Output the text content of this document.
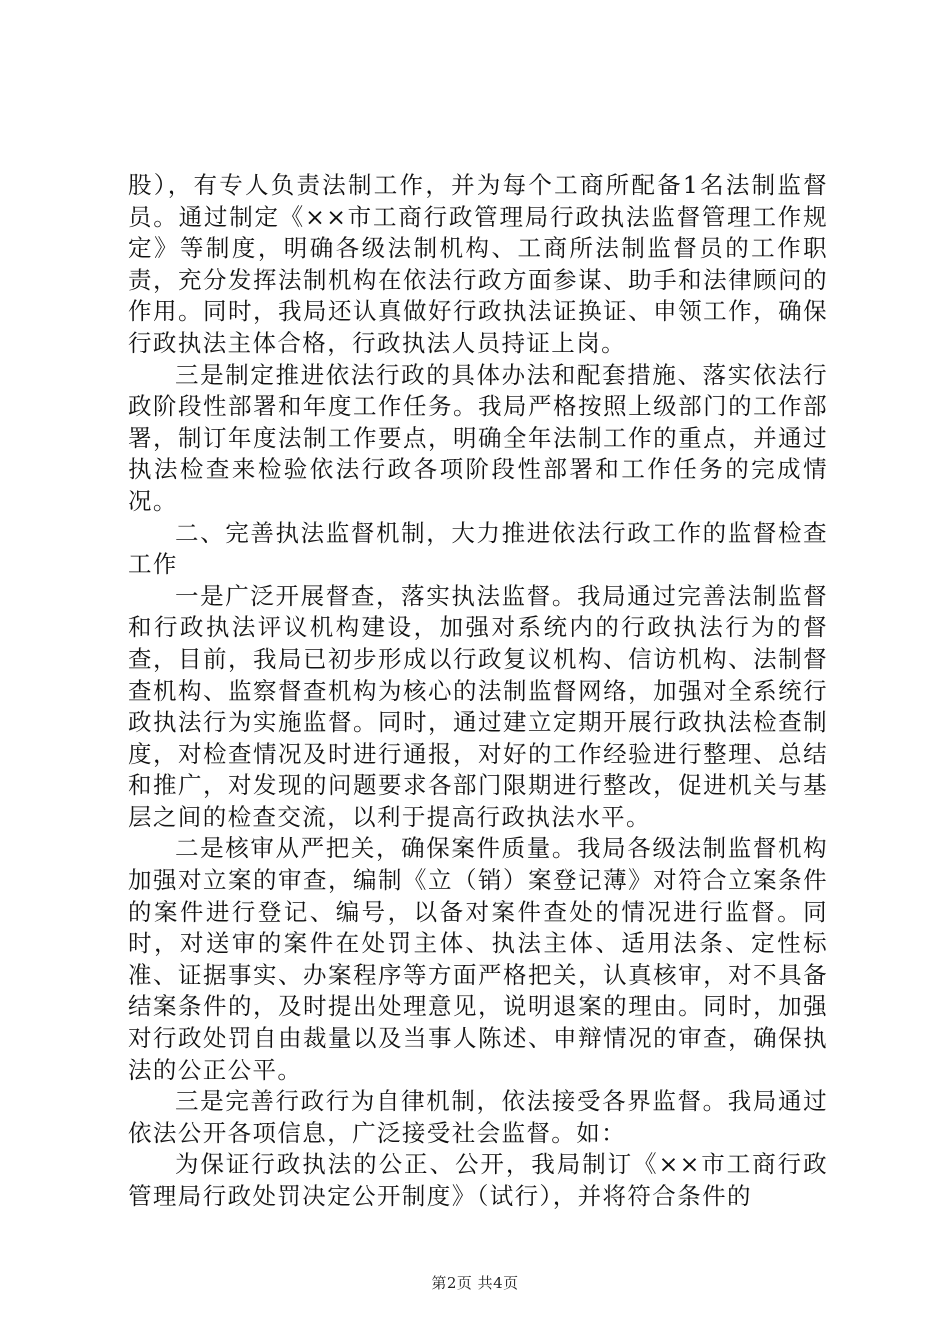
股），有专人负责法制工作，并为每个工商所配备1名法制监督员。通过制定《××市工商行政管理局行政执法监督管理工作规定》等制度，明确各级法制机构、工商所法制监督员的工作职责，充分发挥法制机构在依法行政方面参谋、助手和法律顾问的作用。同时，我局还认真做好行政执法证换证、申领工作，确保行政执法主体合格，行政执法人员持证上岗。

三是制定推进依法行政的具体办法和配套措施、落实依法行政阶段性部署和年度工作任务。我局严格按照上级部门的工作部署，制订年度法制工作要点，明确全年法制工作的重点，并通过执法检查来检验依法行政各项阶段性部署和工作任务的完成情况。

二、完善执法监督机制，大力推进依法行政工作的监督检查工作

一是广泛开展督查，落实执法监督。我局通过完善法制监督和行政执法评议机构建设，加强对系统内的行政执法行为的督查，目前，我局已初步形成以行政复议机构、信访机构、法制督查机构、监察督查机构为核心的法制监督网络，加强对全系统行政执法行为实施监督。同时，通过建立定期开展行政执法检查制度，对检查情况及时进行通报，对好的工作经验进行整理、总结和推广，对发现的问题要求各部门限期进行整改，促进机关与基层之间的检查交流，以利于提高行政执法水平。

二是核审从严把关，确保案件质量。我局各级法制监督机构加强对立案的审查，编制《立（销）案登记薄》对符合立案条件的案件进行登记、编号，以备对案件查处的情况进行监督。同时，对送审的案件在处罚主体、执法主体、适用法条、定性标准、证据事实、办案程序等方面严格把关，认真核审，对不具备结案条件的，及时提出处理意见，说明退案的理由。同时，加强对行政处罚自由裁量以及当事人陈述、申辩情况的审查，确保执法的公正公平。

三是完善行政行为自律机制，依法接受各界监督。我局通过依法公开各项信息，广泛接受社会监督。如：

为保证行政执法的公正、公开，我局制订《××市工商行政管理局行政处罚决定公开制度》（试行），并将符合条件的

第2页 共4页
